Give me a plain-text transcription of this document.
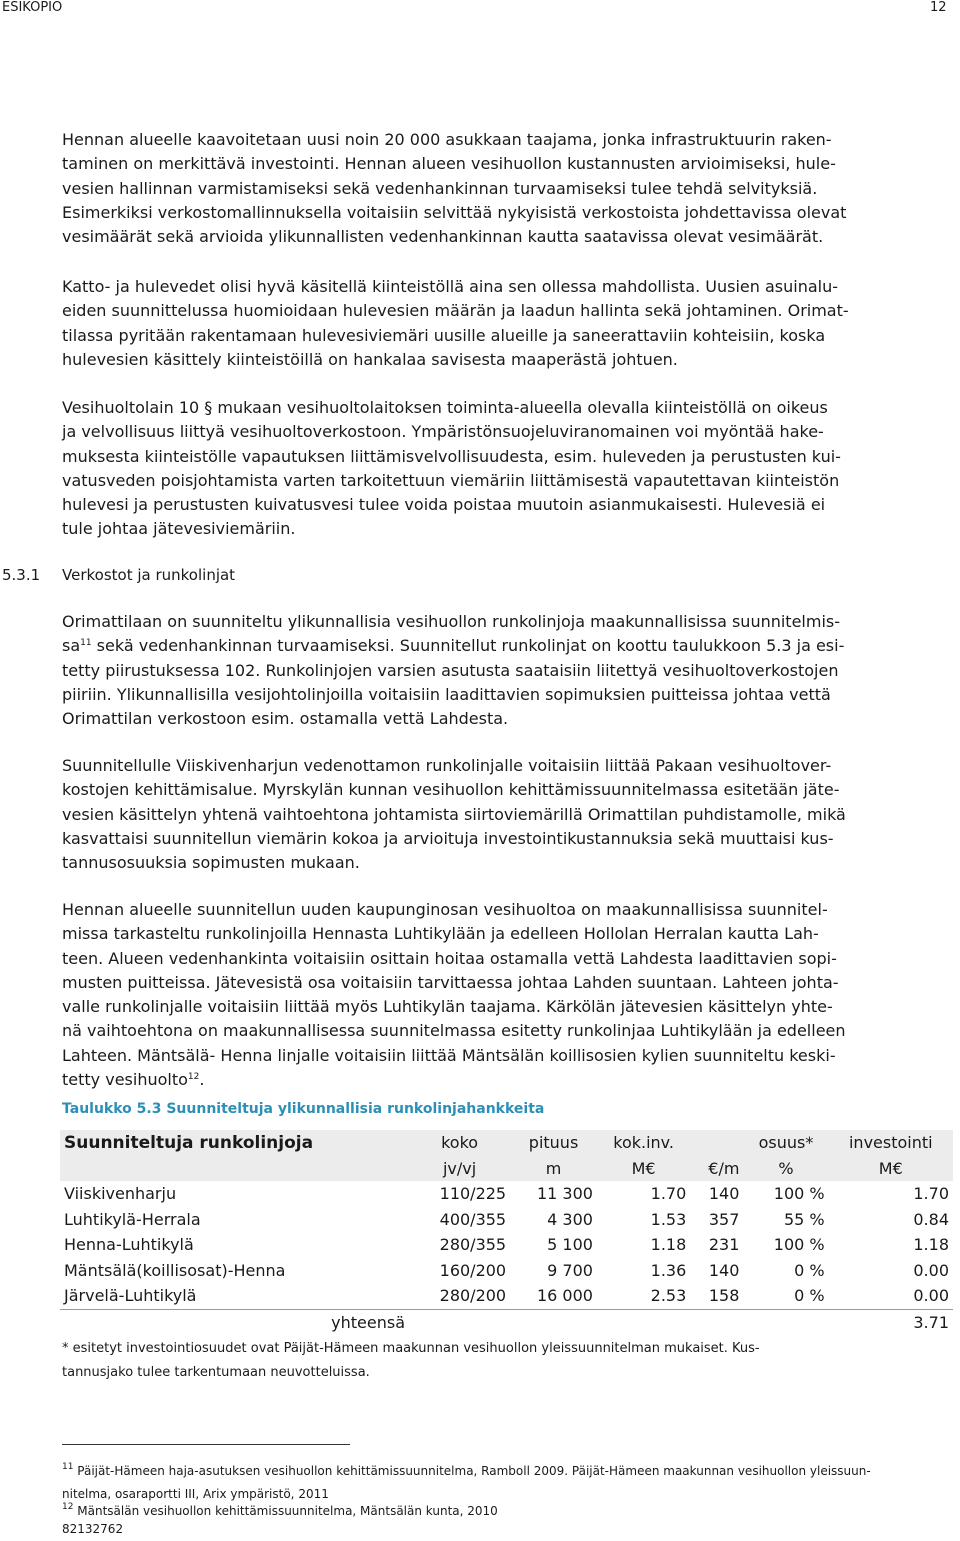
ESIKOPIO	12

Hennan alueelle kaavoitetaan uusi noin 20 000 asukkaan taajama, jonka infrastruktuurin raken-
taminen on merkittävä investointi. Hennan alueen vesihuollon kustannusten arvioimiseksi, hule-
vesien hallinnan varmistamiseksi sekä vedenhankinnan turvaamiseksi tulee tehdä selvityksiä.
Esimerkiksi verkostomallinnuksella voitaisiin selvittää nykyisistä verkostoista johdettavissa olevat
vesimäärät sekä arvioida ylikunnallisten vedenhankinnan kautta saatavissa olevat vesimäärät.

Katto- ja hulevedet olisi hyvä käsitellä kiinteistöllä aina sen ollessa mahdollista. Uusien asuinalu-
eiden suunnittelussa huomioidaan hulevesien määrän ja laadun hallinta sekä johtaminen. Orimat-
tilassa pyritään rakentamaan hulevesiviemäri uusille alueille ja saneerattaviin kohteisiin, koska
hulevesien käsittely kiinteistöillä on hankalaa savisesta maaperästä johtuen.

Vesihuoltolain 10 § mukaan vesihuoltolaitoksen toiminta-alueella olevalla kiinteistöllä on oikeus
ja velvollisuus liittyä vesihuoltoverkostoon. Ympäristönsuojeluviranomainen voi myöntää hake-
muksesta kiinteistölle vapautuksen liittämisvelvollisuudesta, esim. huleveden ja perustusten kui-
vatusveden poisjohtamista varten tarkoitettuun viemäriin liittämisestä vapautettavan kiinteistön
hulevesi ja perustusten kuivatusvesi tulee voida poistaa muutoin asianmukaisesti. Hulevesiä ei
tule johtaa jätevesiviemäriin.

5.3.1 Verkostot ja runkolinjat

Orimattilaan on suunniteltu ylikunnallisia vesihuollon runkolinjoja maakunnallisissa suunnitelmis-
$sa^{11}$ sekä vedenhankinnan turvaamiseksi. Suunnitellut runkolinjat on koottu taulukkoon 5.3 ja esi-
tetty piirustuksessa 102. Runkolinjojen varsien asutusta saataisiin liitettyä vesihuoltoverkostojen
piiriin. Ylikunnallisilla vesijohtolinjoilla voitaisiin laadittavien sopimuksien puitteissa johtaa vettä
Orimattilan verkostoon esim. ostamalla vettä Lahdesta.

Suunnitellulle Viiskivenharjun vedenottamon runkolinjalle voitaisiin liittää Pakaan vesihuoltover-
kostojen kehittämisalue. Myrskylän kunnan vesihuollon kehittämissuunnitelmassa esitetään jäte-
vesien käsittelyn yhtenä vaihtoehtona johtamista siirtoviemärillä Orimattilan puhdistamolle, mikä
kasvattaisi suunnitellun viemärin kokoa ja arvioituja investointikustannuksia sekä muuttaisi kus-
tannusosuuksia sopimusten mukaan.

Hennan alueelle suunnitellun uuden kaupunginosan vesihuoltoa on maakunnallisissa suunnitel-
missa tarkasteltu runkolinjoilla Hennasta Luhtikylään ja edelleen Hollolan Herralan kautta Lah-
teen. Alueen vedenhankinta voitaisiin osittain hoitaa ostamalla vettä Lahdesta laadittavien sopi-
musten puitteissa. Jätevesistä osa voitaisiin tarvittaessa johtaa Lahden suuntaan. Lahteen johta-
valle runkolinjalle voitaisiin liittää myös Luhtikylän taajama. Kärkölän jätevesien käsittelyn yhte-
nä vaihtoehtona on maakunnallisessa suunnitelmassa esitetty runkolinjaa Luhtikylään ja edelleen
Lahteen. Mäntsälä- Henna linjalle voitaisiin liittää Mäntsälän koillisosien kylien suunniteltu keski-
tetty vesihuolto$^{12}$.

Taulukko 5.3 Suunniteltuja ylikunnallisia runkolinjahankkeita
Suunniteltuja runkolinjoja	koko	pituus	kok.inv.		osuus*	investointi
	jv/vj	m	M€	€/m	%	M€
Viiskivenharju	110/225	11 300	1.70	140	100 %	1.70
Luhtikylä-Herrala	400/355	4 300	1.53	357	55 %	0.84
Henna-Luhtikylä	280/355	5 100	1.18	231	100 %	1.18
Mäntsälä(koillisosat)-Henna	160/200	9 700	1.36	140	0 %	0.00
Järvelä-Luhtikylä	280/200	16 000	2.53	158	0 %	0.00
yhteensä						3.71
* esitetyt investointiosuudet ovat Päijät-Hämeen maakunnan vesihuollon yleissuunnitelman mukaiset. Kus-
tannusjako tulee tarkentumaan neuvotteluissa.
$^{11}$ Päijät-Hämeen haja-asutuksen vesihuollon kehittämissuunnitelma, Ramboll 2009. Päijät-Hämeen maakunnan vesihuollon yleissuun-
nitelma, osaraportti III, Arix ympäristö, 2011
$^{12}$ Mäntsälän vesihuollon kehittämissuunnitelma, Mäntsälän kunta, 2010
82132762
